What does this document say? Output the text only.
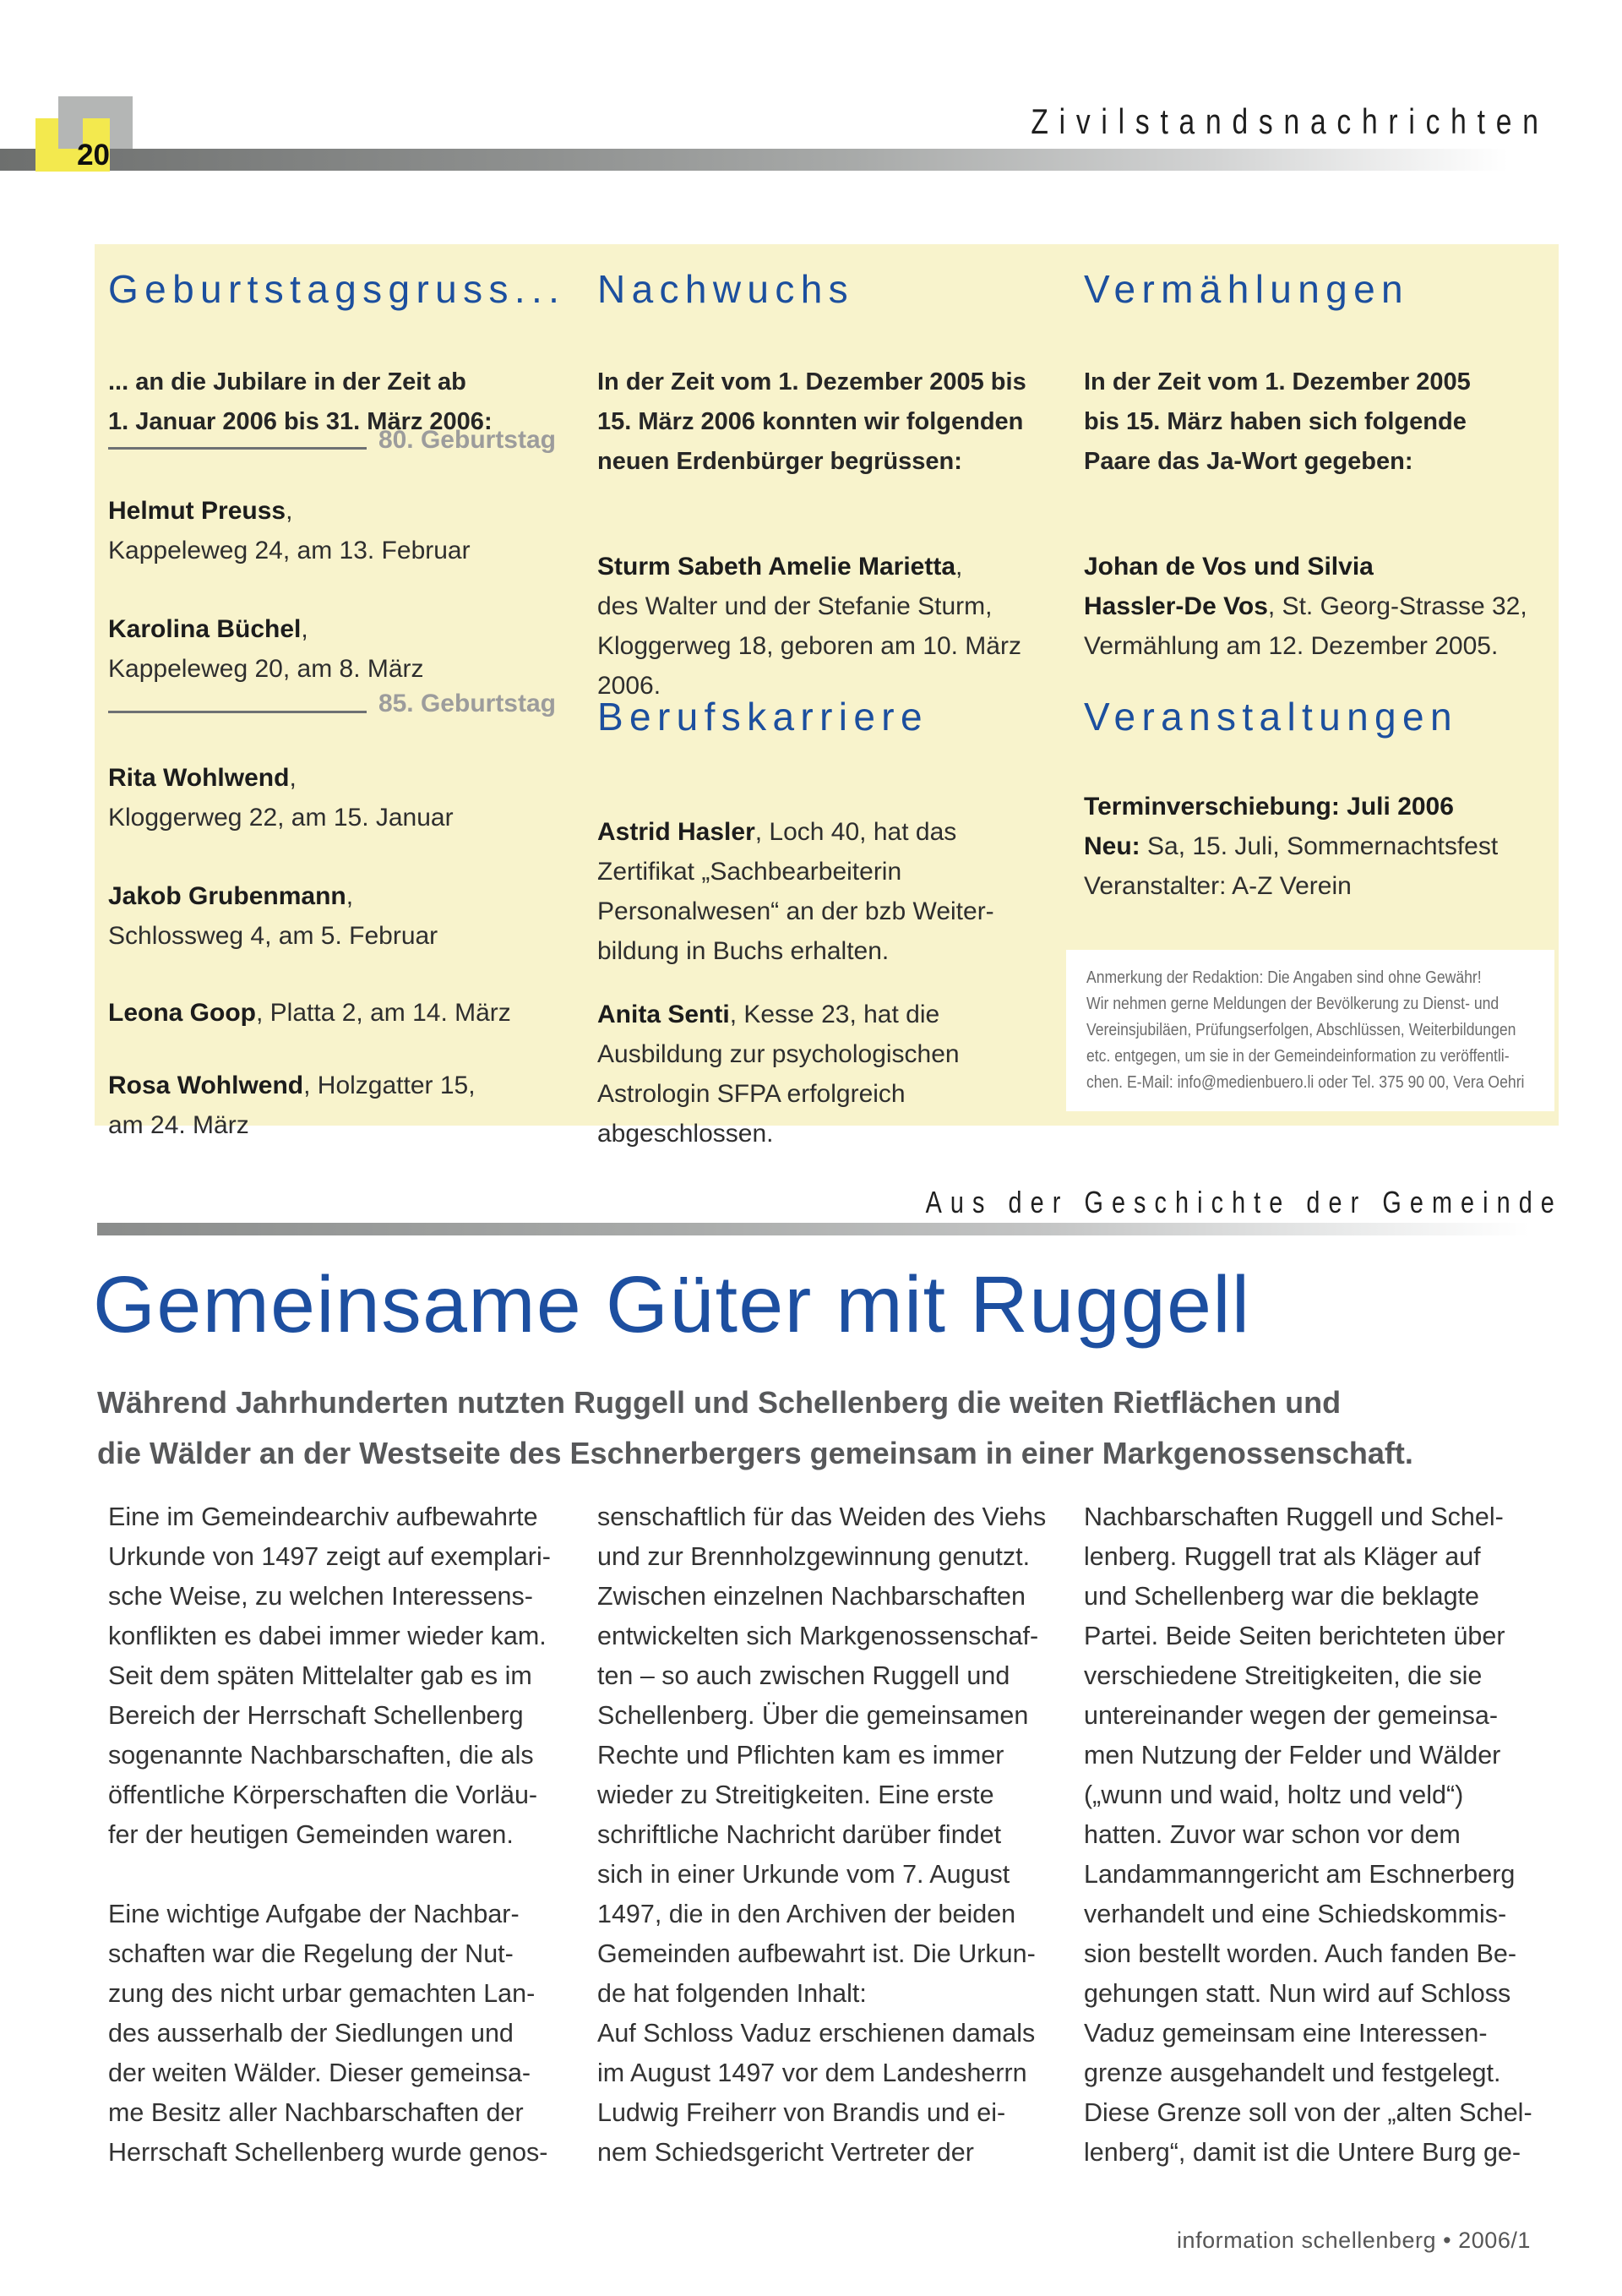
20
Zivilstandsnachrichten
Geburtstagsgruss...
... an die Jubilare in der Zeit ab
1. Januar 2006 bis 31. März 2006:
80. Geburtstag

Helmut Preuss,
Kappeleweg 24, am 13. Februar

Karolina Büchel,
Kappeleweg 20, am 8. März

85. Geburtstag

Rita Wohlwend,
Kloggerweg 22, am 15. Januar

Jakob Grubenmann,
Schlossweg 4, am 5. Februar

Leona Goop, Platta 2, am 14. März

Rosa Wohlwend, Holzgatter 15,
am 24. März

Nachwuchs
In der Zeit vom 1. Dezember 2005 bis
15. März 2006 konnten wir folgenden
neuen Erdenbürger begrüssen:

Sturm Sabeth Amelie Marietta,
des Walter und der Stefanie Sturm,
Kloggerweg 18, geboren am 10. März
2006.

Berufskarriere

Astrid Hasler, Loch 40, hat das
Zertifikat „Sachbearbeiterin
Personalwesen“ an der bzb Weiter-
bildung in Buchs erhalten.

Anita Senti, Kesse 23, hat die
Ausbildung zur psychologischen
Astrologin SFPA erfolgreich
abgeschlossen.

Vermählungen
In der Zeit vom 1. Dezember 2005
bis 15. März haben sich folgende
Paare das Ja-Wort gegeben:

Johan de Vos und Silvia
Hassler-De Vos, St. Georg-Strasse 32,
Vermählung am 12. Dezember 2005.

Veranstaltungen
Terminverschiebung: Juli 2006
Neu: Sa, 15. Juli, Sommernachtsfest
Veranstalter: A-Z Verein
Anmerkung der Redaktion: Die Angaben sind ohne Gewähr!
Wir nehmen gerne Meldungen der Bevölkerung zu Dienst- und
Vereinsjubiläen, Prüfungserfolgen, Abschlüssen, Weiterbildungen
etc. entgegen, um sie in der Gemeindeinformation zu veröffentli-
chen. E-Mail: info@medienbuero.li oder Tel. 375 90 00, Vera Oehri
Aus der Geschichte der Gemeinde
Gemeinsame Güter mit Ruggell
Während Jahrhunderten nutzten Ruggell und Schellenberg die weiten Rietflächen und
die Wälder an der Westseite des Eschnerbergers gemeinsam in einer Markgenossenschaft.

Eine im Gemeindearchiv aufbewahrte
Urkunde von 1497 zeigt auf exemplari-
sche Weise, zu welchen Interessens-
konflikten es dabei immer wieder kam.
Seit dem späten Mittelalter gab es im
Bereich der Herrschaft Schellenberg
sogenannte Nachbarschaften, die als
öffentliche Körperschaften die Vorläu-
fer der heutigen Gemeinden waren.

Eine wichtige Aufgabe der Nachbar-
schaften war die Regelung der Nut-
zung des nicht urbar gemachten Lan-
des ausserhalb der Siedlungen und
der weiten Wälder. Dieser gemeinsa-
me Besitz aller Nachbarschaften der
Herrschaft Schellenberg wurde genos-

senschaftlich für das Weiden des Viehs
und zur Brennholzgewinnung genutzt.
Zwischen einzelnen Nachbarschaften
entwickelten sich Markgenossenschaf-
ten – so auch zwischen Ruggell und
Schellenberg. Über die gemeinsamen
Rechte und Pflichten kam es immer
wieder zu Streitigkeiten. Eine erste
schriftliche Nachricht darüber findet
sich in einer Urkunde vom 7. August
1497, die in den Archiven der beiden
Gemeinden aufbewahrt ist. Die Urkun-
de hat folgenden Inhalt:
Auf Schloss Vaduz erschienen damals
im August 1497 vor dem Landesherrn
Ludwig Freiherr von Brandis und ei-
nem Schiedsgericht Vertreter der

Nachbarschaften Ruggell und Schel-
lenberg. Ruggell trat als Kläger auf
und Schellenberg war die beklagte
Partei. Beide Seiten berichteten über
verschiedene Streitigkeiten, die sie
untereinander wegen der gemeinsa-
men Nutzung der Felder und Wälder
(„wunn und waid, holtz und veld“)
hatten. Zuvor war schon vor dem
Landammanngericht am Eschnerberg
verhandelt und eine Schiedskommis-
sion bestellt worden. Auch fanden Be-
gehungen statt. Nun wird auf Schloss
Vaduz gemeinsam eine Interessen-
grenze ausgehandelt und festgelegt.
Diese Grenze soll von der „alten Schel-
lenberg“, damit ist die Untere Burg ge-

information schellenberg • 2006/1
